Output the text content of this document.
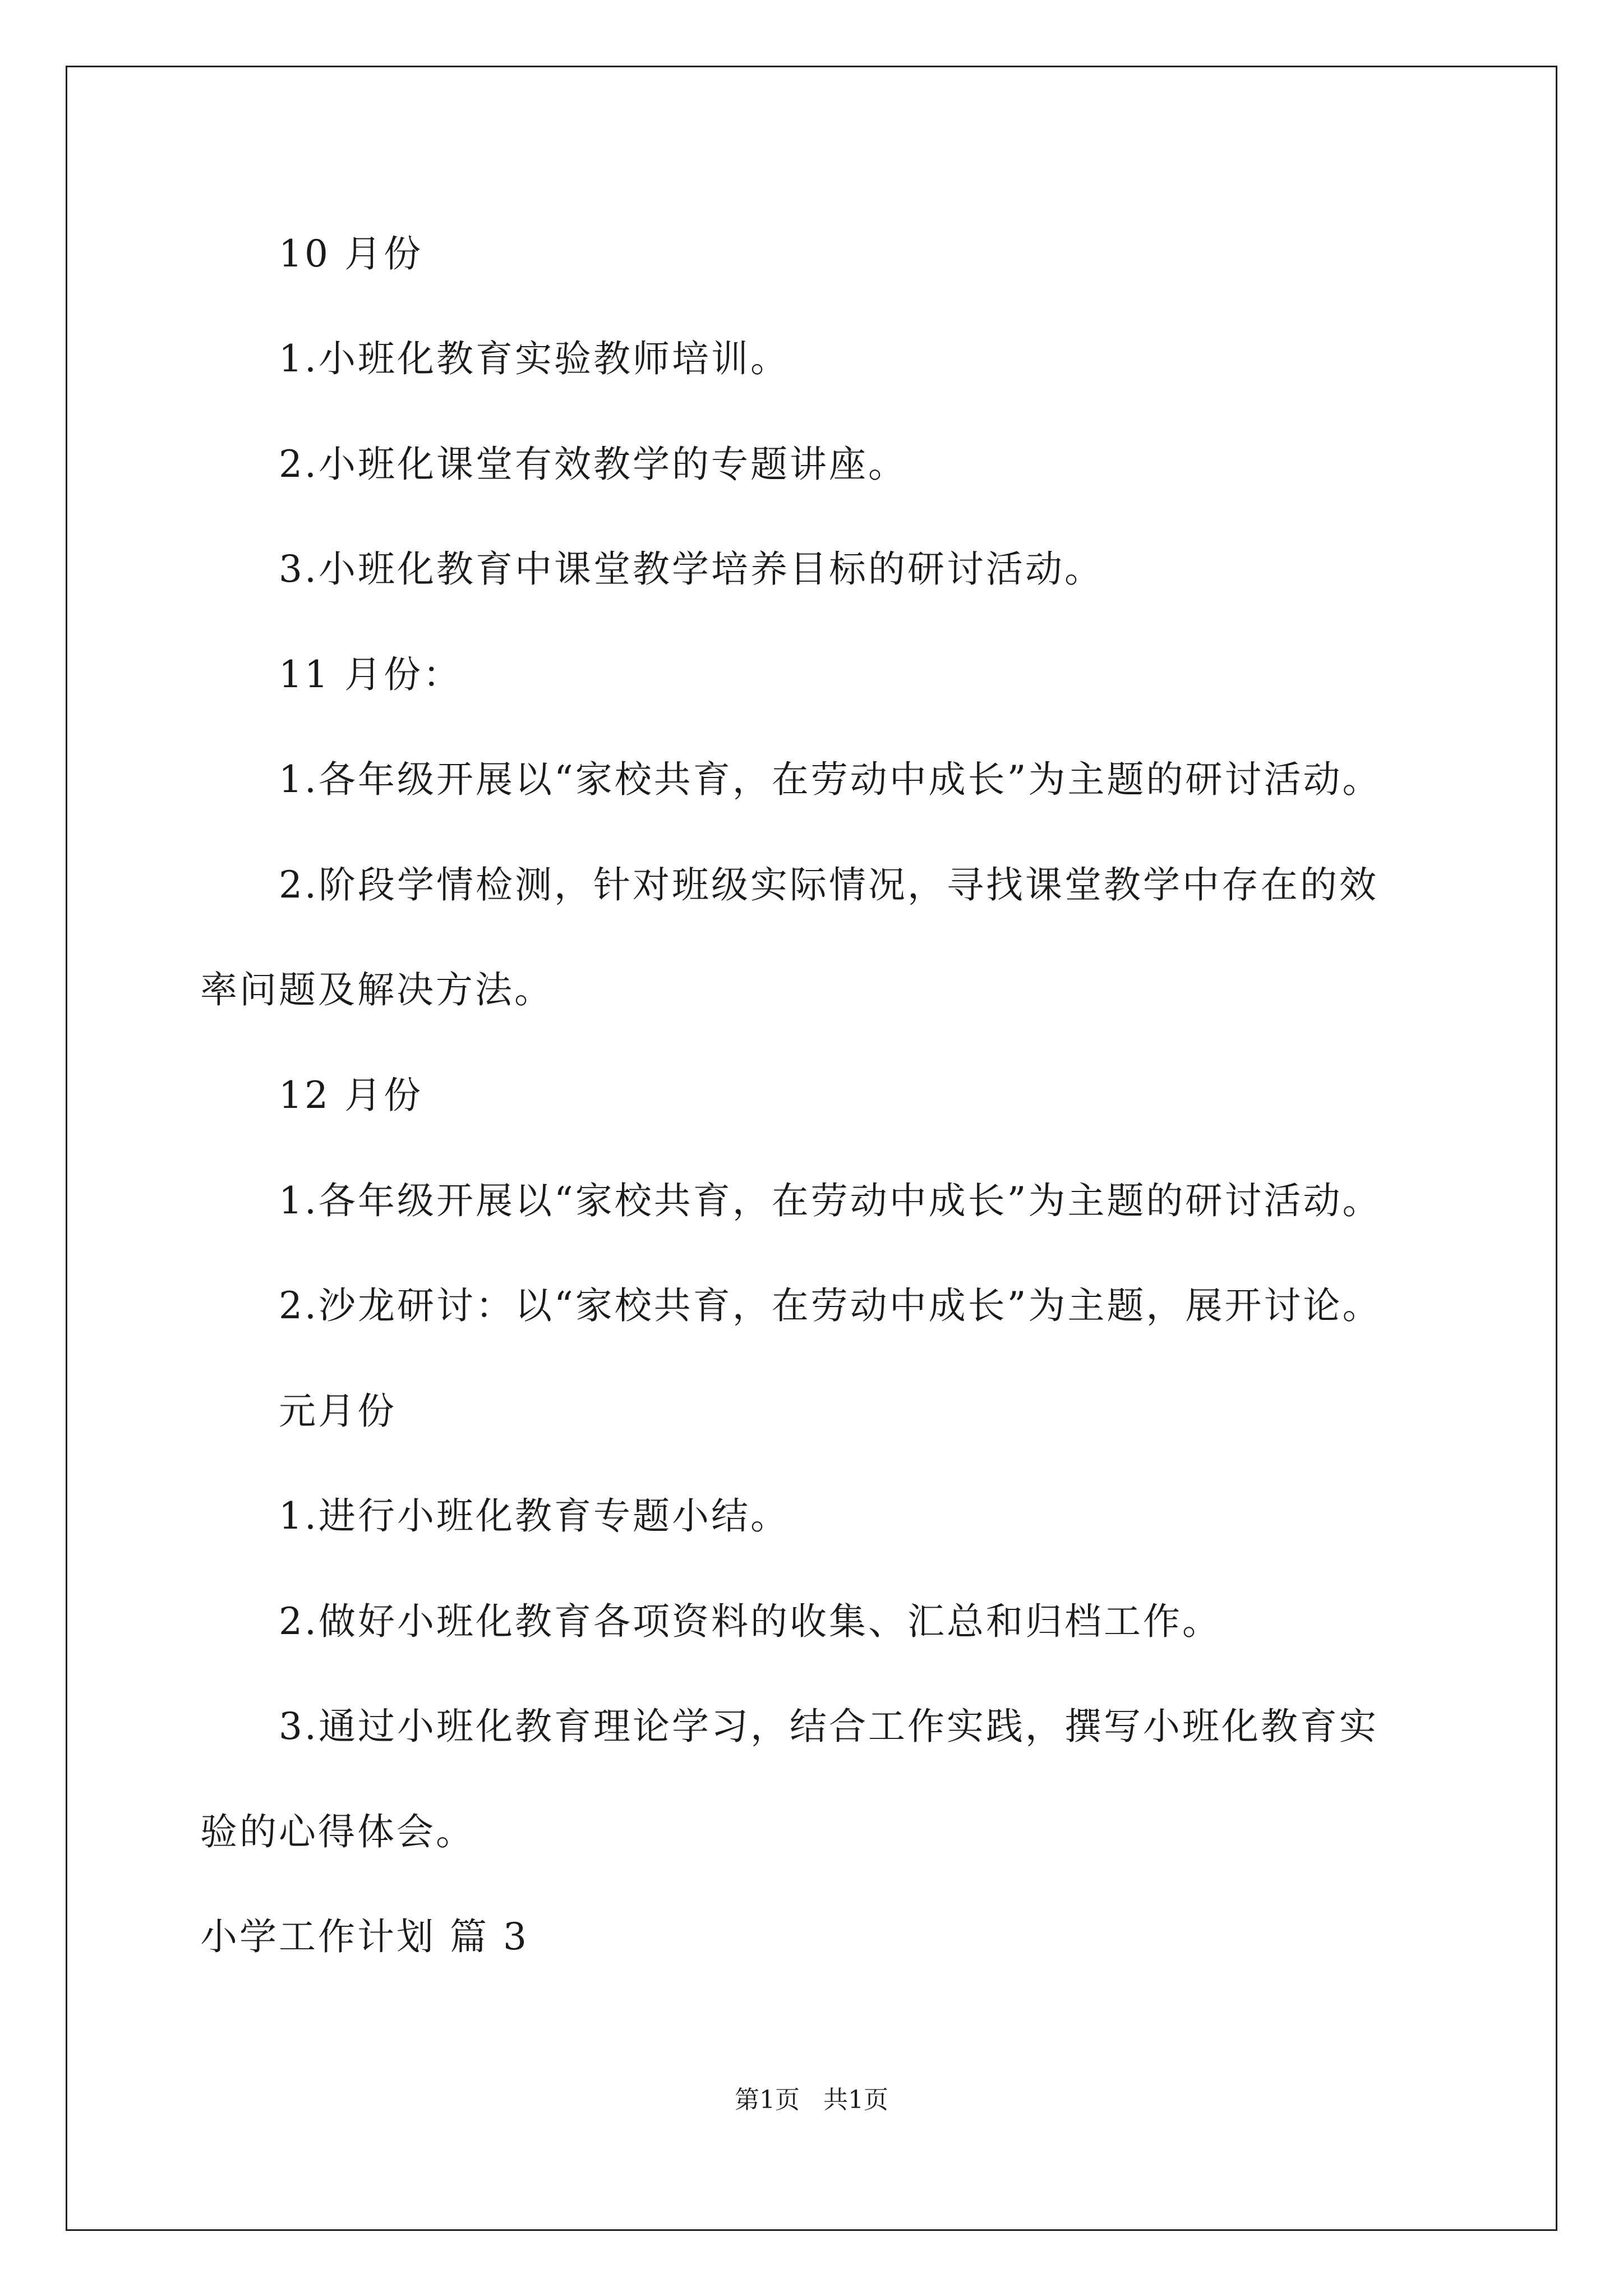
10 月份
1.小班化教育实验教师培训。
2.小班化课堂有效教学的专题讲座。
3.小班化教育中课堂教学培养目标的研讨活动。
11 月份：
1.各年级开展以“家校共育，在劳动中成长”为主题的研讨活动。
2.阶段学情检测，针对班级实际情况，寻找课堂教学中存在的效
率问题及解决方法。
12 月份
1.各年级开展以“家校共育，在劳动中成长”为主题的研讨活动。
2.沙龙研讨：以“家校共育，在劳动中成长”为主题，展开讨论。
元月份
1.进行小班化教育专题小结。
2.做好小班化教育各项资料的收集、汇总和归档工作。
3.通过小班化教育理论学习，结合工作实践，撰写小班化教育实
验的心得体会。
小学工作计划 篇 3
第1页   共1页
